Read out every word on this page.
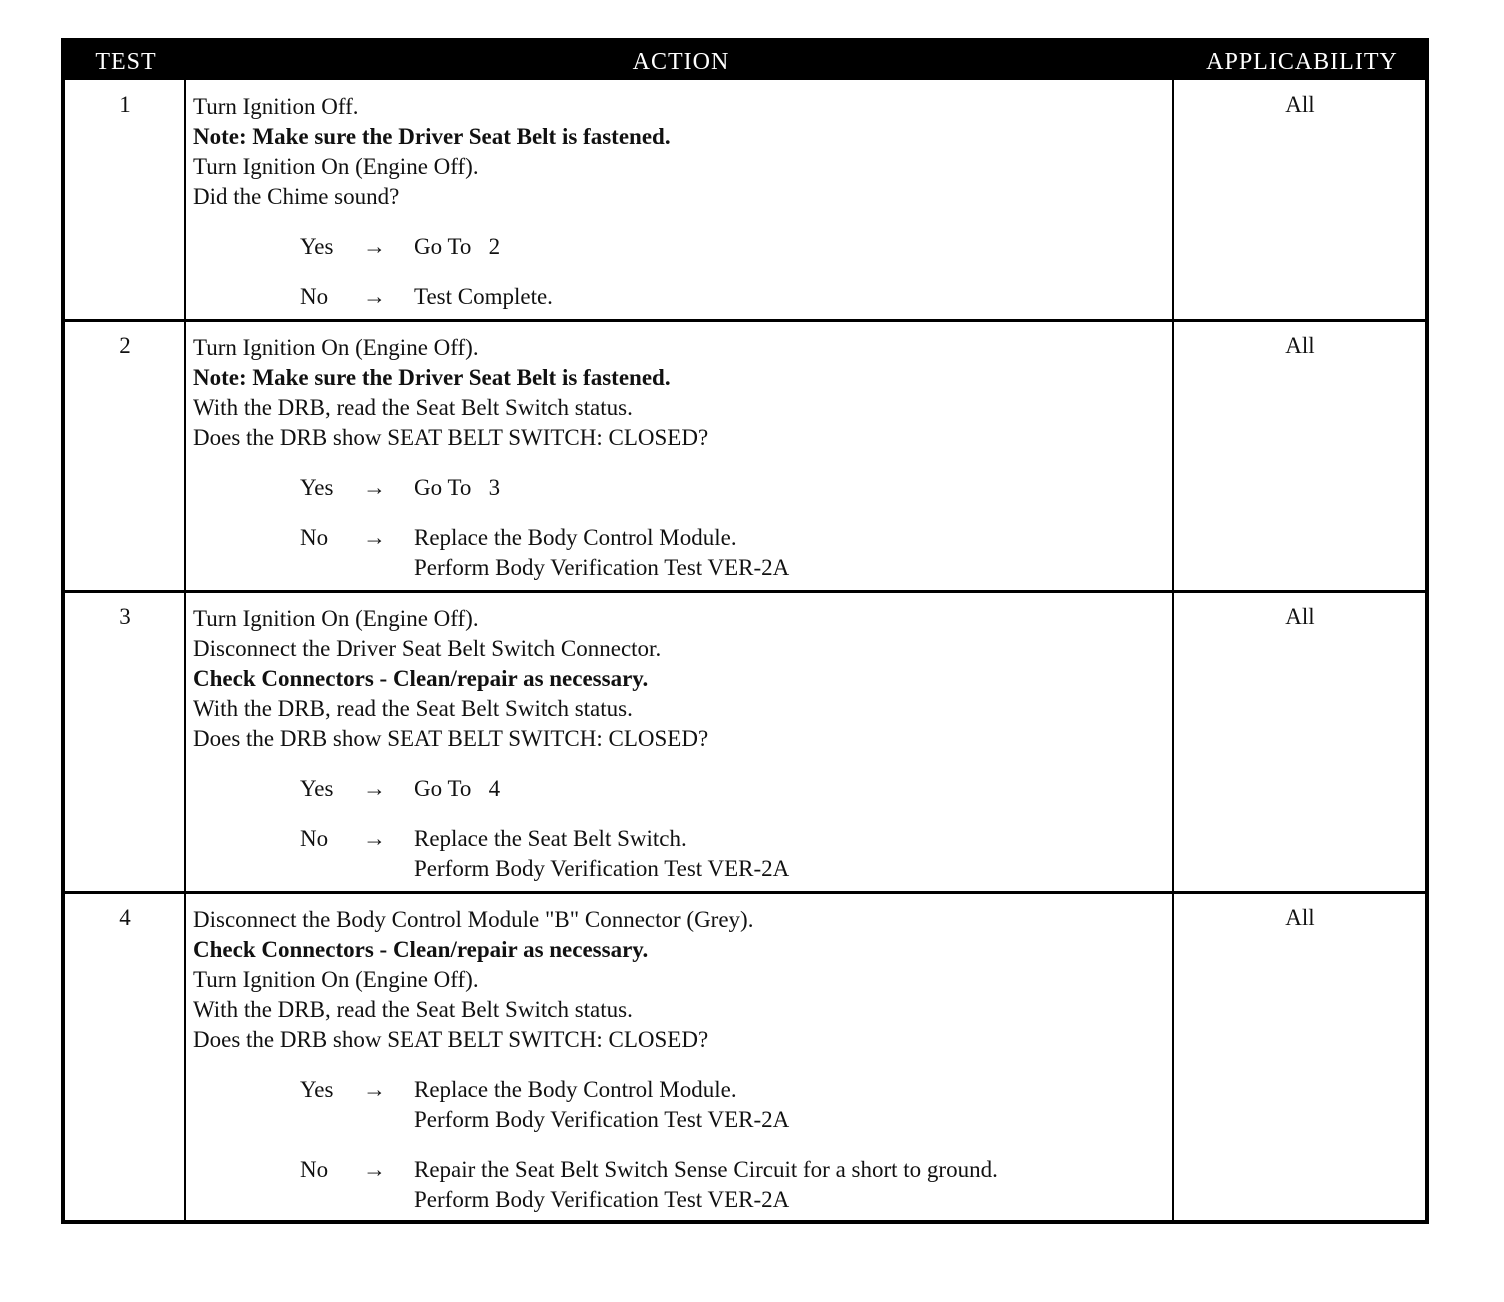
TEST	ACTION	APPLICABILITY
1	Turn Ignition Off.
Note: Make sure the Driver Seat Belt is fastened.
Turn Ignition On (Engine Off).
Did the Chime sound?
Yes → Go To   2
No → Test Complete.
All
2	Turn Ignition On (Engine Off).
Note: Make sure the Driver Seat Belt is fastened.
With the DRB, read the Seat Belt Switch status.
Does the DRB show SEAT BELT SWITCH: CLOSED?
Yes → Go To   3
No → Replace the Body Control Module.
Perform Body Verification Test VER-2A
All
3	Turn Ignition On (Engine Off).
Disconnect the Driver Seat Belt Switch Connector.
Check Connectors - Clean/repair as necessary.
With the DRB, read the Seat Belt Switch status.
Does the DRB show SEAT BELT SWITCH: CLOSED?
Yes → Go To   4
No → Replace the Seat Belt Switch.
Perform Body Verification Test VER-2A
All
4	Disconnect the Body Control Module "B" Connector (Grey).
Check Connectors - Clean/repair as necessary.
Turn Ignition On (Engine Off).
With the DRB, read the Seat Belt Switch status.
Does the DRB show SEAT BELT SWITCH: CLOSED?
Yes → Replace the Body Control Module.
Perform Body Verification Test VER-2A
No → Repair the Seat Belt Switch Sense Circuit for a short to ground.
Perform Body Verification Test VER-2A
All
